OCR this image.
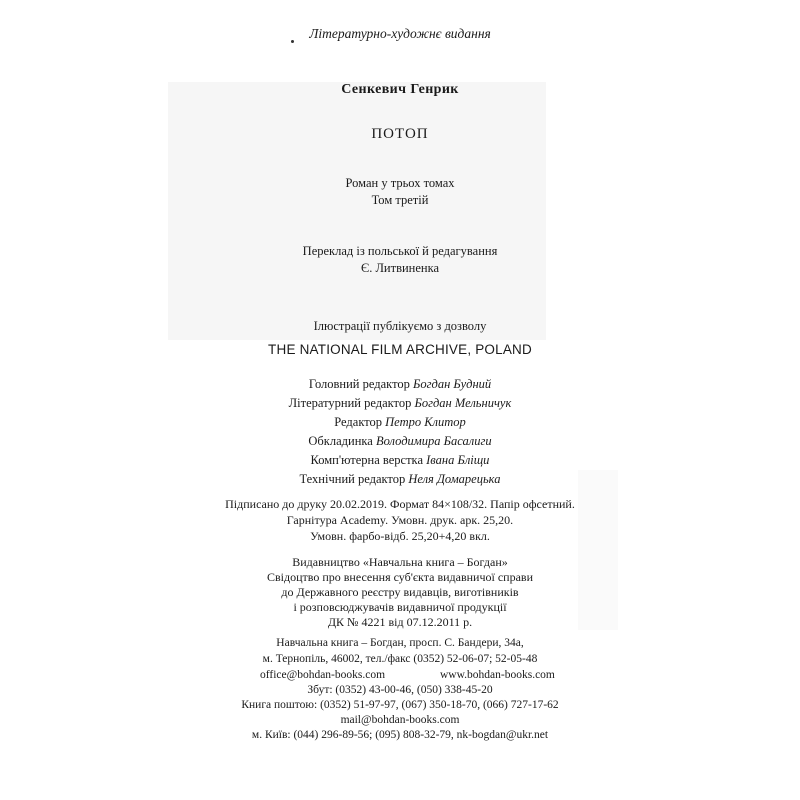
Літературно-художнє видання
Сенкевич Генрик
ПОТОП
Роман у трьох томах
Том третій
Переклад із польської й редагування
Є. Литвиненка
Ілюстрації публікуємо з дозволу
THE NATIONAL FILM ARCHIVE, POLAND
Головний редактор Богдан Будний
Літературний редактор Богдан Мельничук
Редактор Петро Клитор
Обкладинка Володимира Басалиги
Комп'ютерна верстка Івана Бліщи
Технічний редактор Неля Домарецька
Підписано до друку 20.02.2019. Формат 84×108/32. Папір офсетний.
Гарнітура Academy. Умовн. друк. арк. 25,20.
Умовн. фарбо-відб. 25,20+4,20 вкл.
Видавництво «Навчальна книга – Богдан»
Свідоцтво про внесення суб'єкта видавничої справи
до Державного реєстру видавців, виготівників
і розповсюджувачів видавничої продукції
ДК № 4221 від 07.12.2011 р.
Навчальна книга – Богдан, просп. С. Бандери, 34а,
м. Тернопіль, 46002, тел./факс (0352) 52-06-07; 52-05-48
office@bohdan-books.com	www.bohdan-books.com
Збут: (0352) 43-00-46, (050) 338-45-20
Книга поштою: (0352) 51-97-97, (067) 350-18-70, (066) 727-17-62
mail@bohdan-books.com
м. Київ: (044) 296-89-56; (095) 808-32-79, nk-bogdan@ukr.net
